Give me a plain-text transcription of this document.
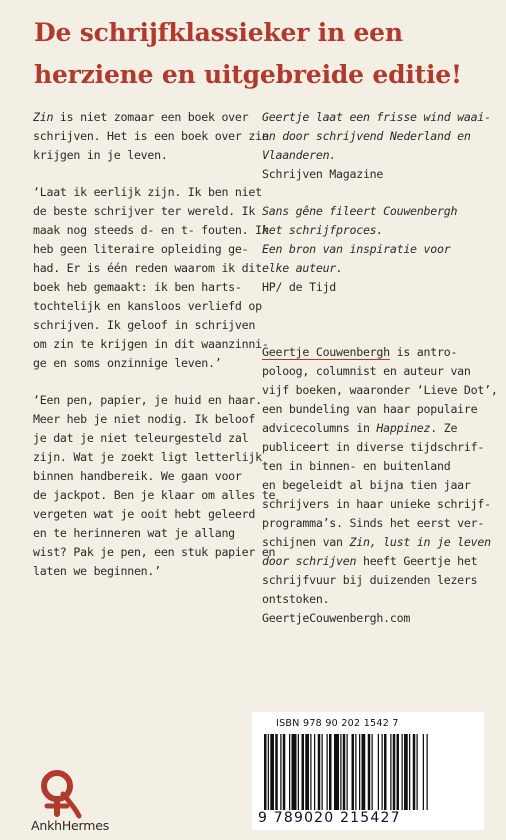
De schrijfklassieker in een
herziene en uitgebreide editie!
Zin is niet zomaar een boek over
schrijven. Het is een boek over zin
krijgen in je leven.
‘Laat ik eerlijk zijn. Ik ben niet
de beste schrijver ter wereld. Ik
maak nog steeds d- en t- fouten. Ik
heb geen literaire opleiding ge-
had. Er is één reden waarom ik dit
boek heb gemaakt: ik ben harts-
tochtelijk en kansloos verliefd op
schrijven. Ik geloof in schrijven
om zin te krijgen in dit waanzinni-
ge en soms onzinnige leven.’
‘Een pen, papier, je huid en haar.
Meer heb je niet nodig. Ik beloof
je dat je niet teleurgesteld zal
zijn. Wat je zoekt ligt letterlijk
binnen handbereik. We gaan voor
de jackpot. Ben je klaar om alles te
vergeten wat je ooit hebt geleerd
en te herinneren wat je allang
wist? Pak je pen, een stuk papier en
laten we beginnen.’
Geertje laat een frisse wind waai-
en door schrijvend Nederland en
Vlaanderen.
Schrijven Magazine
Sans gêne fileert Couwenbergh
het schrijfproces.
Een bron van inspiratie voor
elke auteur.
HP/ de Tijd
Geertje Couwenbergh is antro-
poloog, columnist en auteur van
vijf boeken, waaronder ‘Lieve Dot’,
een bundeling van haar populaire
advicecolumns in Happinez. Ze
publiceert in diverse tijdschrif-
ten in binnen- en buitenland
en begeleidt al bijna tien jaar
schrijvers in haar unieke schrijf-
programma’s. Sinds het eerst ver-
schijnen van Zin, lust in je leven
door schrijven heeft Geertje het
schrijfvuur bij duizenden lezers
ontstoken.
GeertjeCouwenbergh.com
ISBN 978 90 202 1542 7
9 789020 215427
AnkhHermes
